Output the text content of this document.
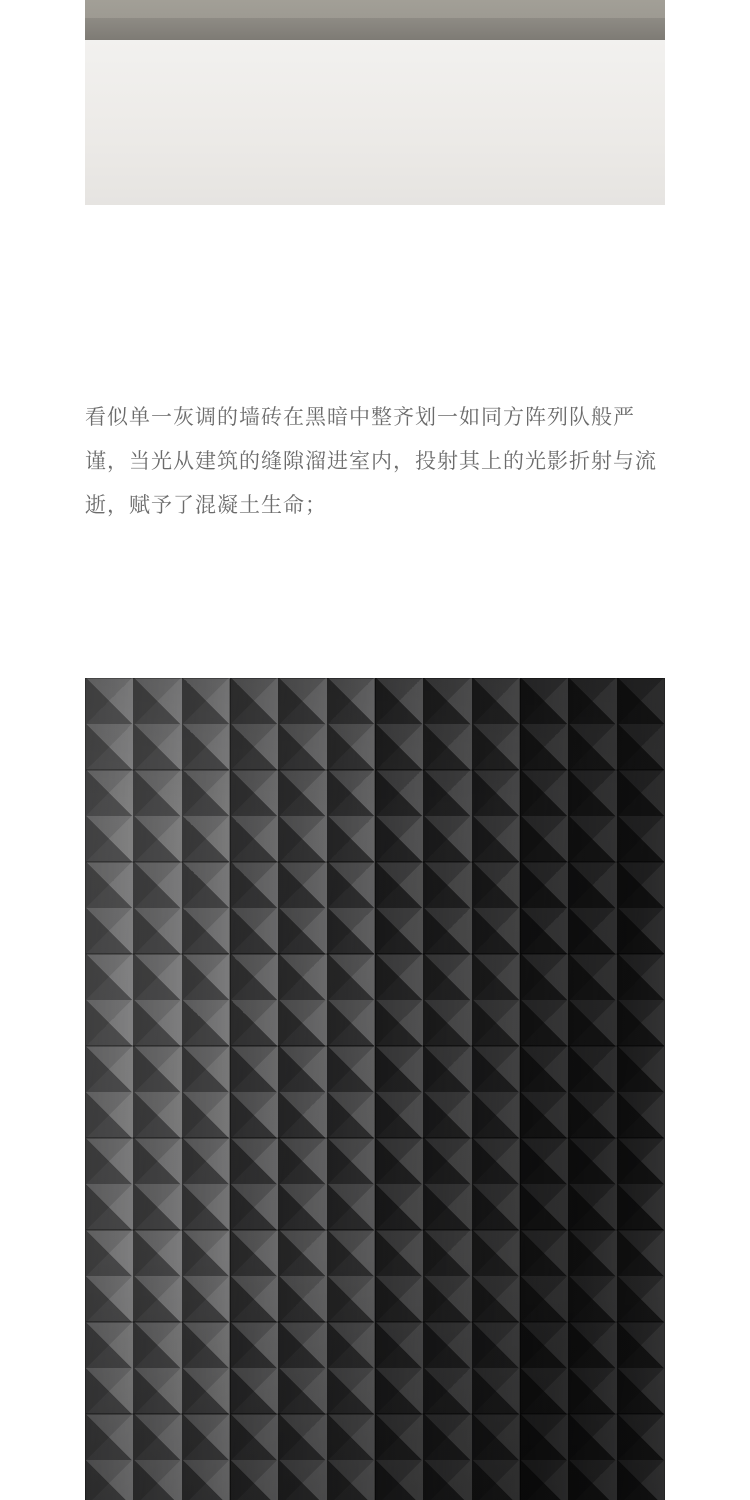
看似单一灰调的墙砖在黑暗中整齐划一如同方阵列队般严谨，当光从建筑的缝隙溜进室内，投射其上的光影折射与流逝，赋予了混凝土生命；
